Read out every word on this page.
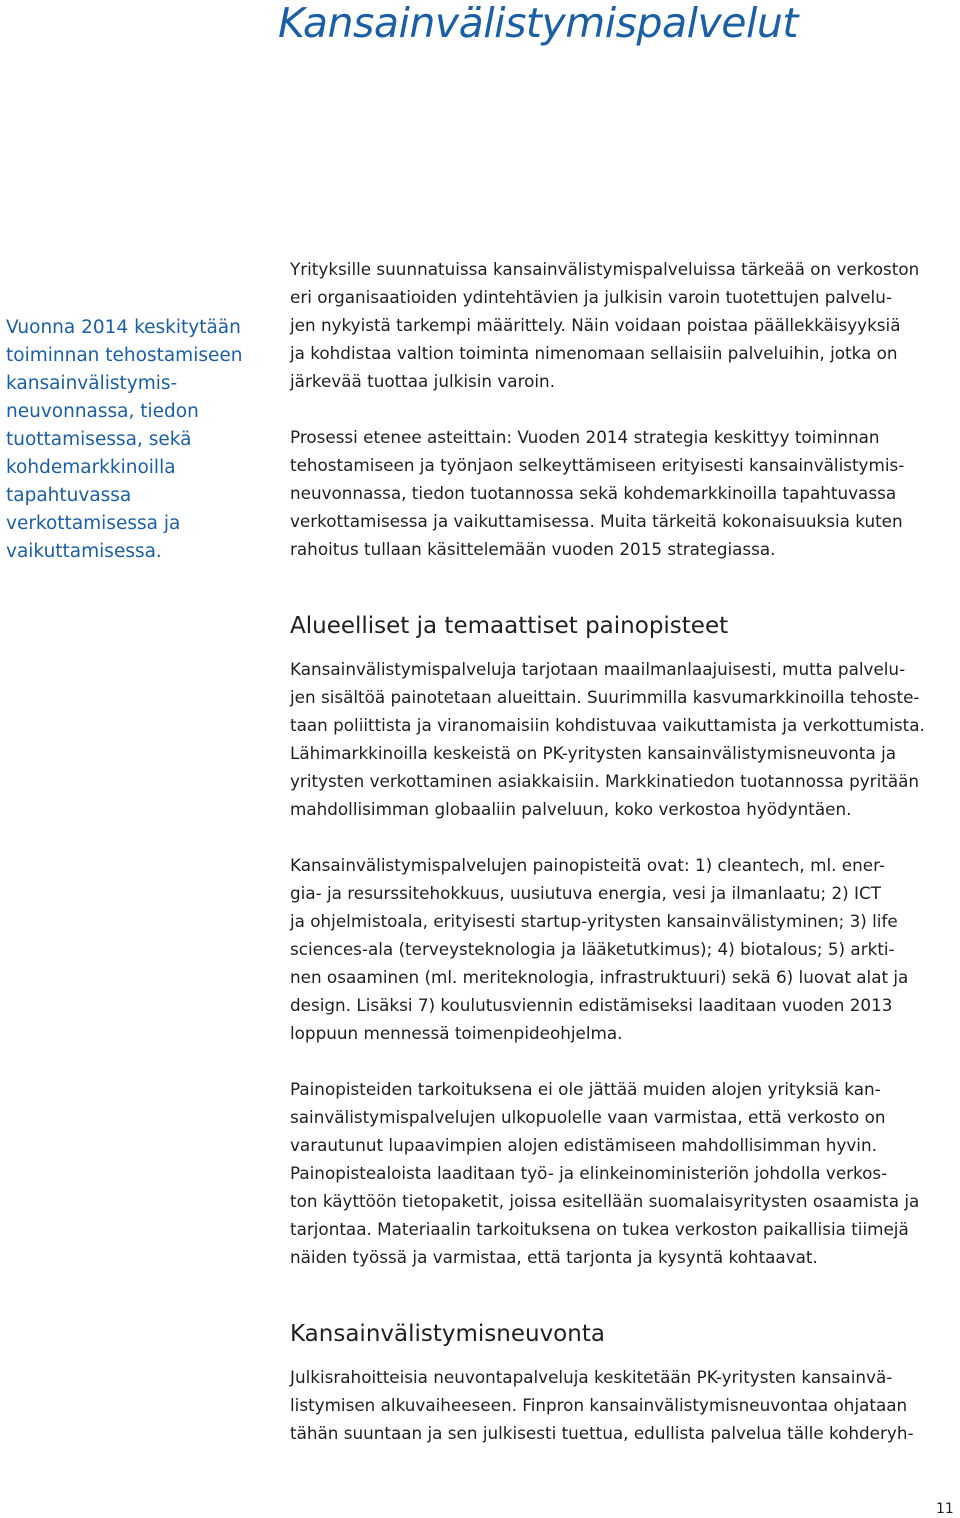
Kansainvälistymispalvelut
Vuonna 2014 keskitytään
toiminnan tehostamiseen
kansainvälistymis-
neuvonnassa, tiedon
tuottamisessa, sekä
kohdemarkkinoilla
tapahtuvassa
verkottamisessa ja
vaikuttamisessa.

Yrityksille suunnatuissa kansainvälistymispalveluissa tärkeää on verkoston
eri organisaatioiden ydintehtävien ja julkisin varoin tuotettujen palvelu-
jen nykyistä tarkempi määrittely. Näin voidaan poistaa päällekkäisyyksiä
ja kohdistaa valtion toiminta nimenomaan sellaisiin palveluihin, jotka on
järkevää tuottaa julkisin varoin.

Prosessi etenee asteittain: Vuoden 2014 strategia keskittyy toiminnan
tehostamiseen ja työnjaon selkeyttämiseen erityisesti kansainvälistymis-
neuvonnassa, tiedon tuotannossa sekä kohdemarkkinoilla tapahtuvassa
verkottamisessa ja vaikuttamisessa. Muita tärkeitä kokonaisuuksia kuten
rahoitus tullaan käsittelemään vuoden 2015 strategiassa.

Alueelliset ja temaattiset painopisteet

Kansainvälistymispalveluja tarjotaan maailmanlaajuisesti, mutta palvelu-
jen sisältöä painotetaan alueittain. Suurimmilla kasvumarkkinoilla tehoste-
taan poliittista ja viranomaisiin kohdistuvaa vaikuttamista ja verkottumista.
Lähimarkkinoilla keskeistä on PK-yritysten kansainvälistymisneuvonta ja
yritysten verkottaminen asiakkaisiin. Markkinatiedon tuotannossa pyritään
mahdollisimman globaaliin palveluun, koko verkostoa hyödyntäen.

Kansainvälistymispalvelujen painopisteitä ovat: 1) cleantech, ml. ener-
gia- ja resurssitehokkuus, uusiutuva energia, vesi ja ilmanlaatu; 2) ICT
ja ohjelmistoala, erityisesti startup-yritysten kansainvälistyminen; 3) life
sciences-ala (terveysteknologia ja lääketutkimus); 4) biotalous; 5) arkti-
nen osaaminen (ml. meriteknologia, infrastruktuuri) sekä 6) luovat alat ja
design. Lisäksi 7) koulutusviennin edistämiseksi laaditaan vuoden 2013
loppuun mennessä toimenpideohjelma.

Painopisteiden tarkoituksena ei ole jättää muiden alojen yrityksiä kan-
sainvälistymispalvelujen ulkopuolelle vaan varmistaa, että verkosto on
varautunut lupaavimpien alojen edistämiseen mahdollisimman hyvin.
Painopistealoista laaditaan työ- ja elinkeinoministeriön johdolla verkos-
ton käyttöön tietopaketit, joissa esitellään suomalaisyritysten osaamista ja
tarjontaa. Materiaalin tarkoituksena on tukea verkoston paikallisia tiimejä
näiden työssä ja varmistaa, että tarjonta ja kysyntä kohtaavat.

Kansainvälistymisneuvonta

Julkisrahoitteisia neuvontapalveluja keskitetään PK-yritysten kansainvä-
listymisen alkuvaiheeseen. Finpron kansainvälistymisneuvontaa ohjataan
tähän suuntaan ja sen julkisesti tuettua, edullista palvelua tälle kohderyh-

11
